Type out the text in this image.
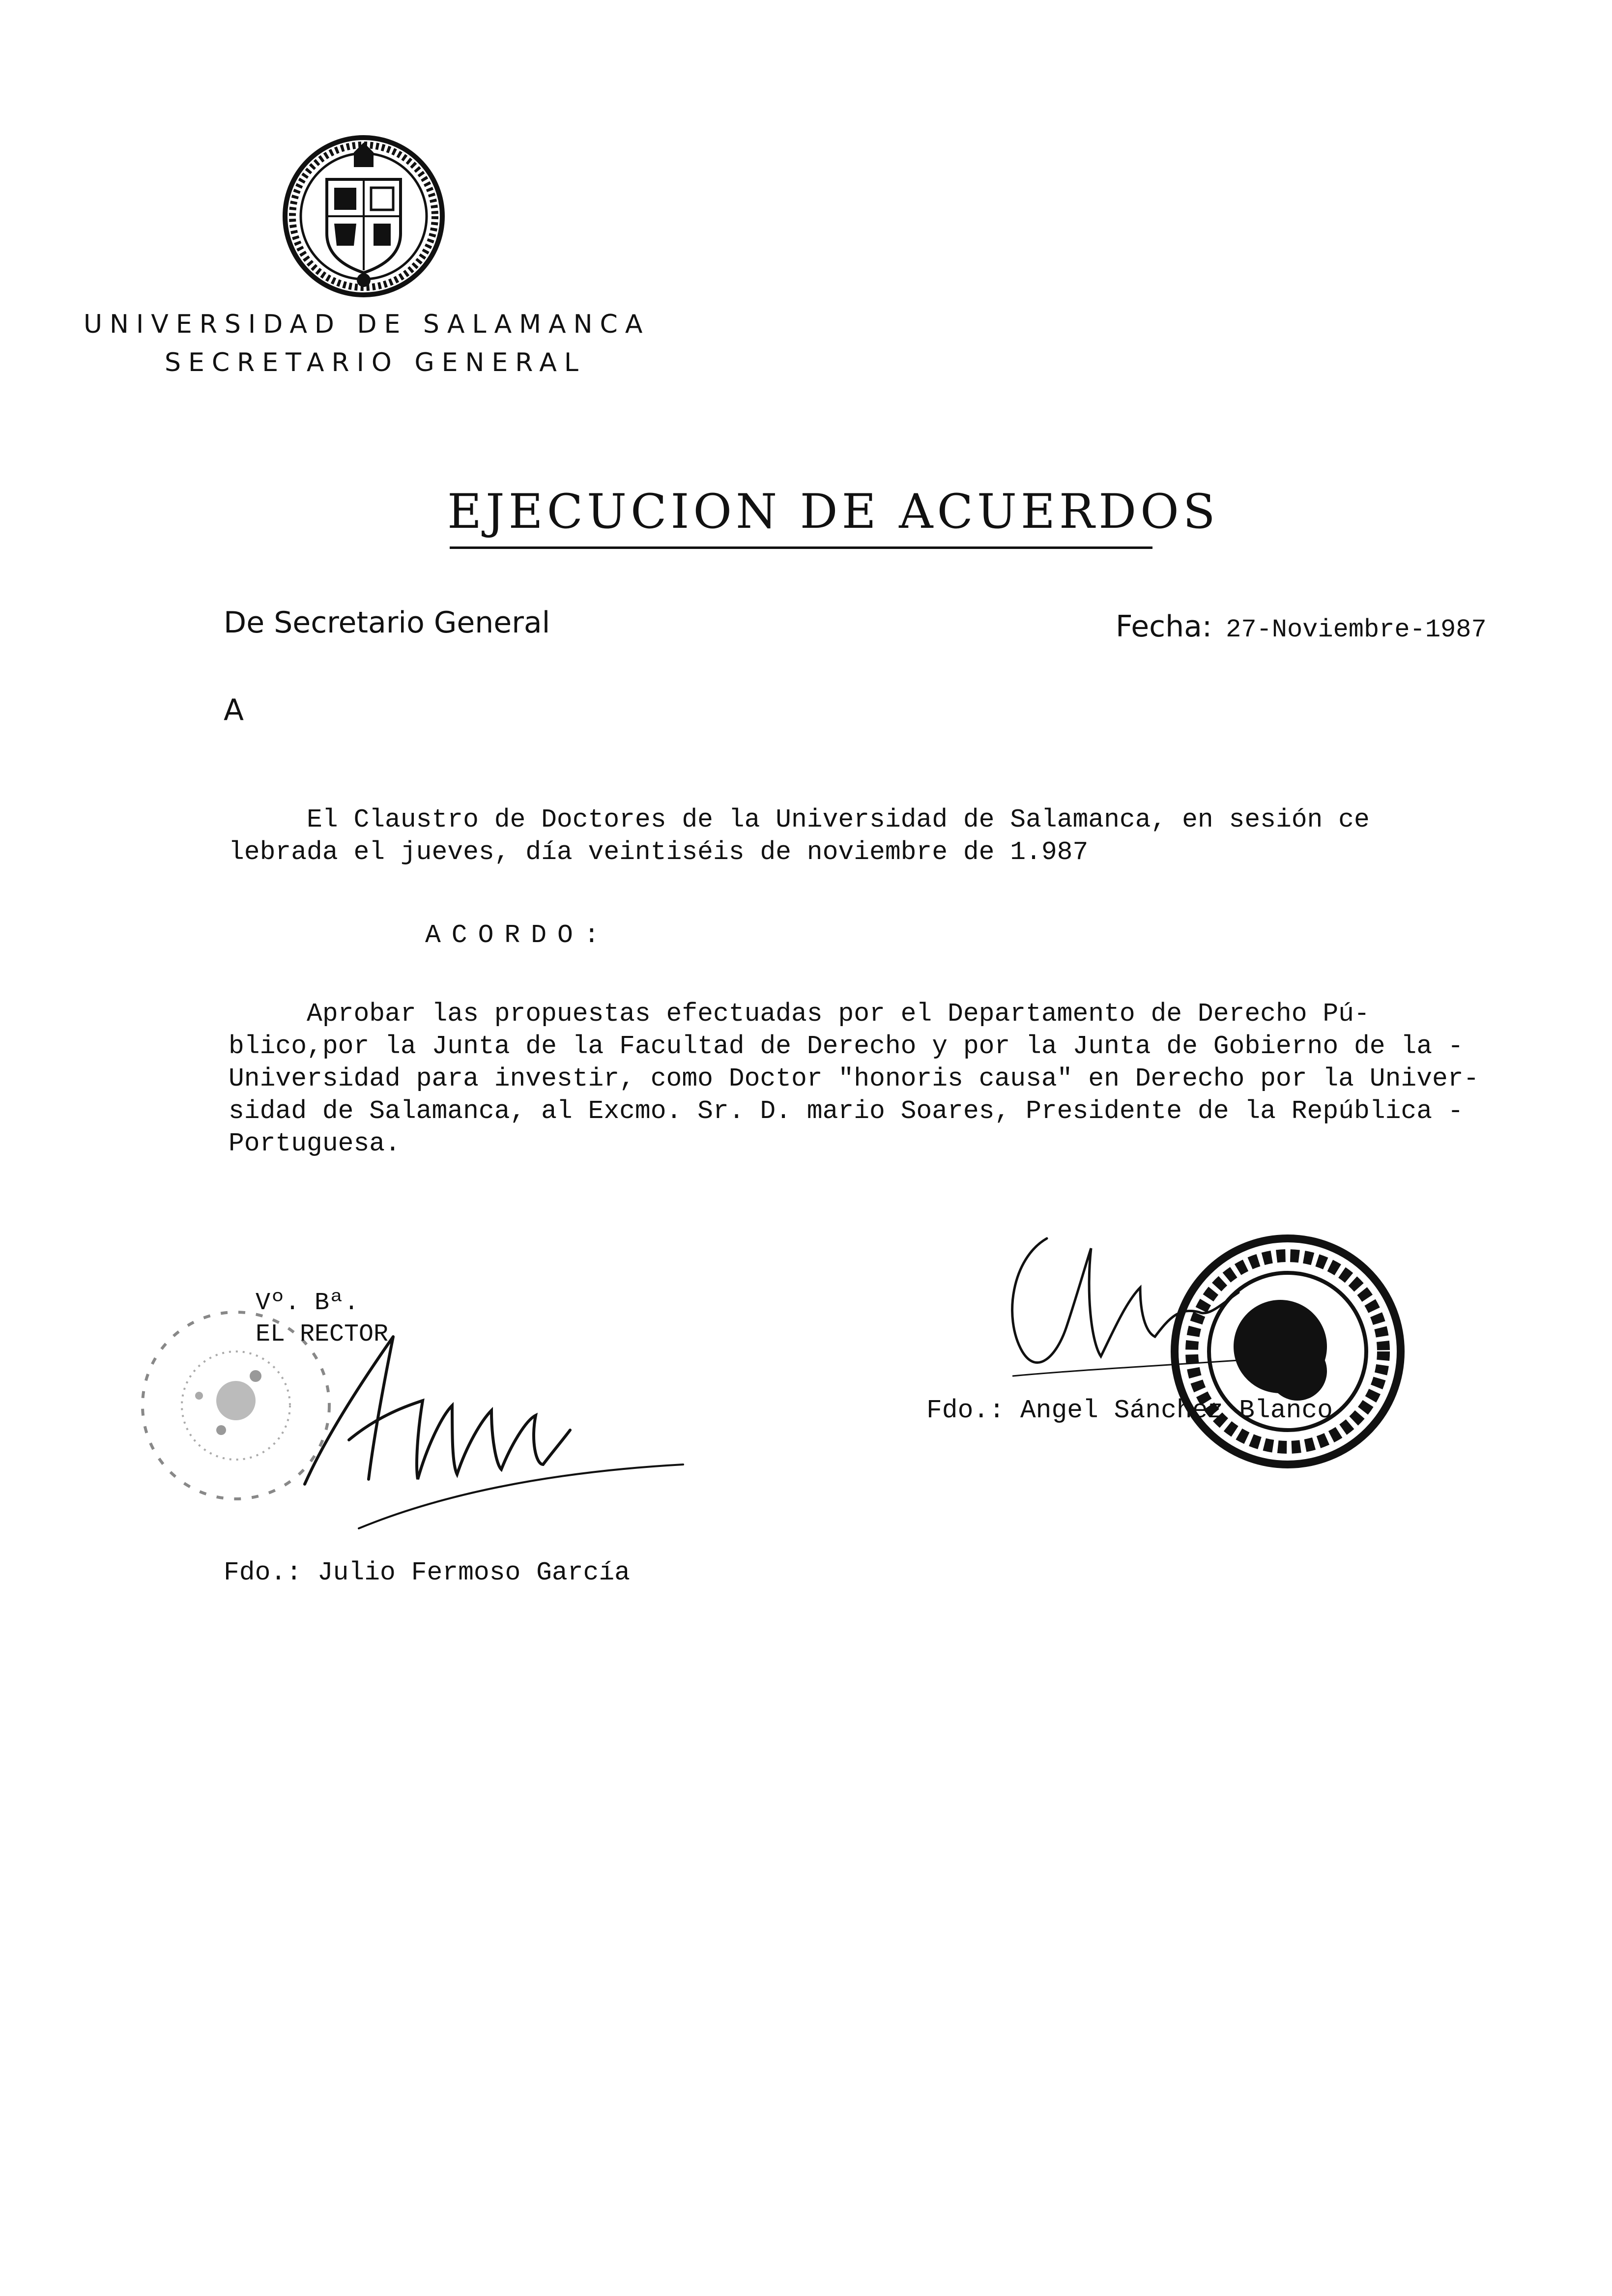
UNIVERSIDAD DE SALAMANCA
SECRETARIO GENERAL
EJECUCION DE ACUERDOS
De Secretario General	Fecha: 27-Noviembre-1987
A
El Claustro de Doctores de la Universidad de Salamanca, en sesión ce
lebrada el jueves, día veintiséis de noviembre de 1.987
ACORDO:
Aprobar las propuestas efectuadas por el Departamento de Derecho Pú-
blico,por la Junta de la Facultad de Derecho y por la Junta de Gobierno de la -
Universidad para investir, como Doctor "honoris causa" en Derecho por la Univer-
sidad de Salamanca, al Excmo. Sr. D. mario Soares, Presidente de la República -
Portuguesa.
Vº. Bª.
EL RECTOR
Fdo.: Julio Fermoso García
Fdo.: Angel Sánchez Blanco
